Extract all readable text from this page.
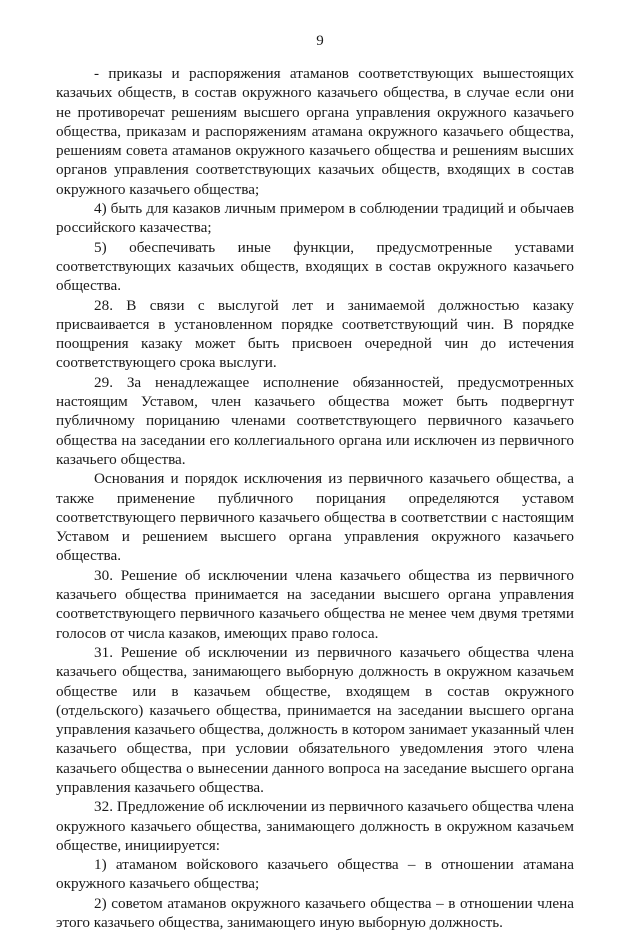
9

- приказы и распоряжения атаманов соответствующих вышестоящих казачьих обществ, в состав окружного казачьего общества, в случае если они не противоречат решениям высшего органа управления окружного казачьего общества, приказам и распоряжениям атамана окружного казачьего общества, решениям совета атаманов окружного казачьего общества и решениям высших органов управления соответствующих казачьих обществ, входящих в состав окружного казачьего общества;

4) быть для казаков личным примером в соблюдении традиций и обычаев российского казачества;

5) обеспечивать иные функции, предусмотренные уставами соответствующих казачьих обществ, входящих в состав окружного казачьего общества.

28. В связи с выслугой лет и занимаемой должностью казаку присваивается в установленном порядке соответствующий чин. В порядке поощрения казаку может быть присвоен очередной чин до истечения соответствующего срока выслуги.

29. За ненадлежащее исполнение обязанностей, предусмотренных настоящим Уставом, член казачьего общества может быть подвергнут публичному порицанию членами соответствующего первичного казачьего общества на заседании его коллегиального органа или исключен из первичного казачьего общества.

Основания и порядок исключения из первичного казачьего общества, а также применение публичного порицания определяются уставом соответствующего первичного казачьего общества в соответствии с настоящим Уставом и решением высшего органа управления окружного казачьего общества.

30. Решение об исключении члена казачьего общества из первичного казачьего общества принимается на заседании высшего органа управления соответствующего первичного казачьего общества не менее чем двумя третями голосов от числа казаков, имеющих право голоса.

31. Решение об исключении из первичного казачьего общества члена казачьего общества, занимающего выборную должность в окружном казачьем обществе или в казачьем обществе, входящем в состав окружного (отдельского) казачьего общества, принимается на заседании высшего органа управления казачьего общества, должность в котором занимает указанный член казачьего общества, при условии обязательного уведомления этого члена казачьего общества о вынесении данного вопроса на заседание высшего органа управления казачьего общества.

32. Предложение об исключении из первичного казачьего общества члена окружного казачьего общества, занимающего должность в окружном казачьем обществе, инициируется:

1) атаманом войскового казачьего общества – в отношении атамана окружного казачьего общества;

2) советом атаманов окружного казачьего общества – в отношении члена этого казачьего общества, занимающего иную выборную должность.
